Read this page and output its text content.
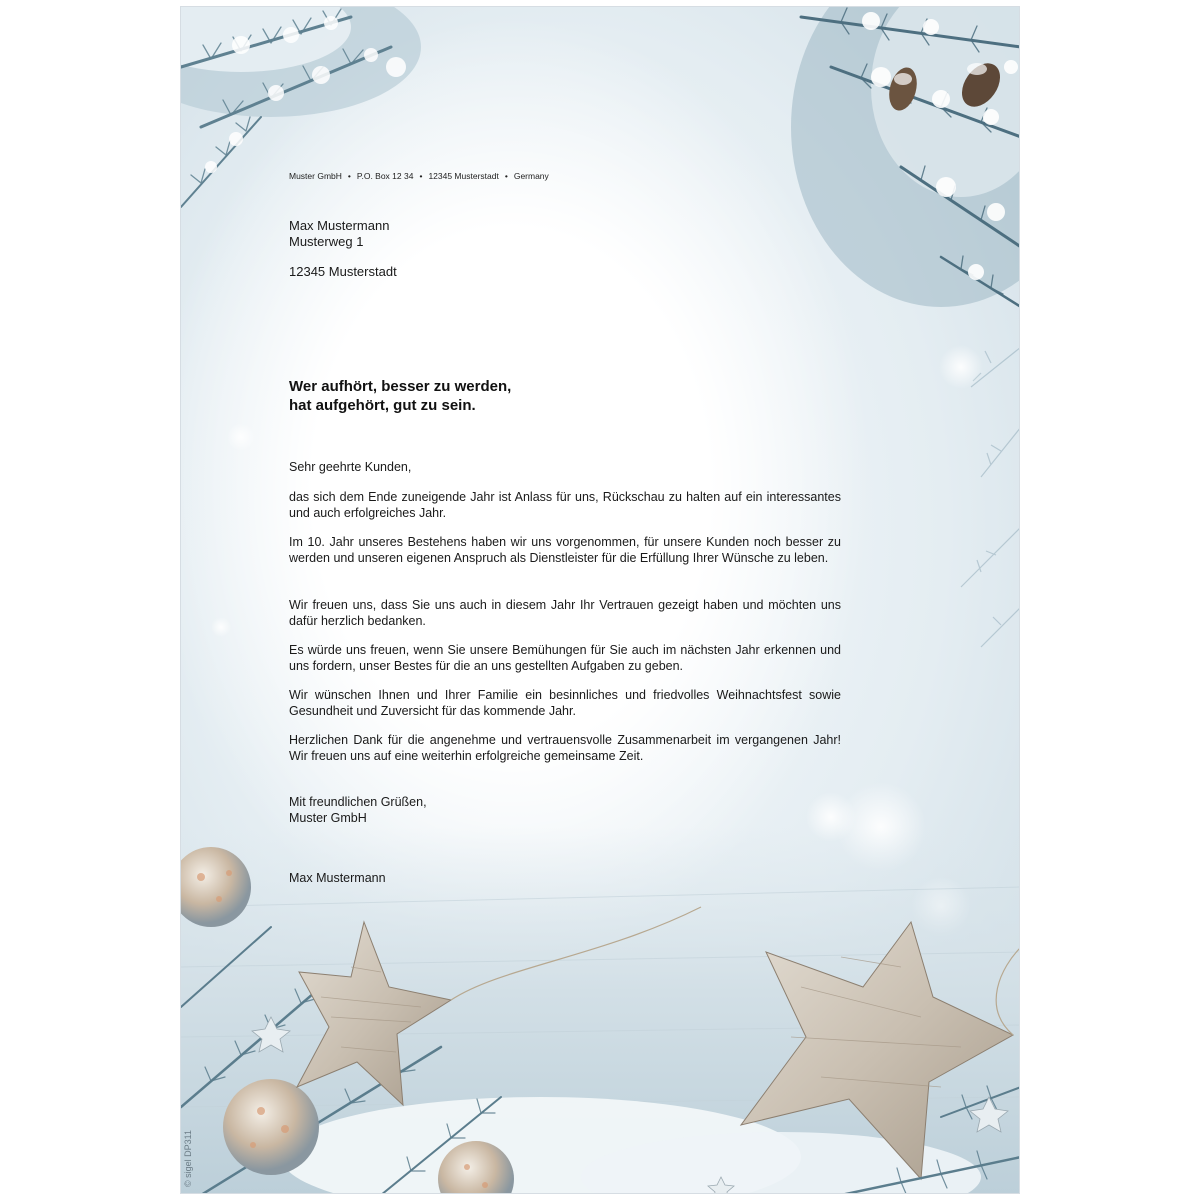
Muster GmbH • P.O. Box 12 34 • 12345 Musterstadt • Germany
Max Mustermann
Musterweg 1
12345 Musterstadt
Wer aufhört, besser zu werden,
hat aufgehört, gut zu sein.
Sehr geehrte Kunden,

das sich dem Ende zuneigende Jahr ist Anlass für uns, Rückschau zu halten auf ein interessantes und auch erfolgreiches Jahr.

Im 10. Jahr unseres Bestehens haben wir uns vorgenommen, für unsere Kunden noch besser zu werden und unseren eigenen Anspruch als Dienstleister für die Erfüllung Ihrer Wünsche zu leben.

Wir freuen uns, dass Sie uns auch in diesem Jahr Ihr Vertrauen gezeigt haben und möchten uns dafür herzlich bedanken.

Es würde uns freuen, wenn Sie unsere Bemühungen für Sie auch im nächsten Jahr erkennen und uns fordern, unser Bestes für die an uns gestellten Aufgaben zu geben.

Wir wünschen Ihnen und Ihrer Familie ein besinnliches und friedvolles Weihnachtsfest sowie Gesundheit und Zuversicht für das kommende Jahr.

Herzlichen Dank für die angenehme und vertrauensvolle Zusammenarbeit im vergangenen Jahr! Wir freuen uns auf eine weiterhin erfolgreiche gemeinsame Zeit.

Mit freundlichen Grüßen,
Muster GmbH
Max Mustermann
© sigel DP311
